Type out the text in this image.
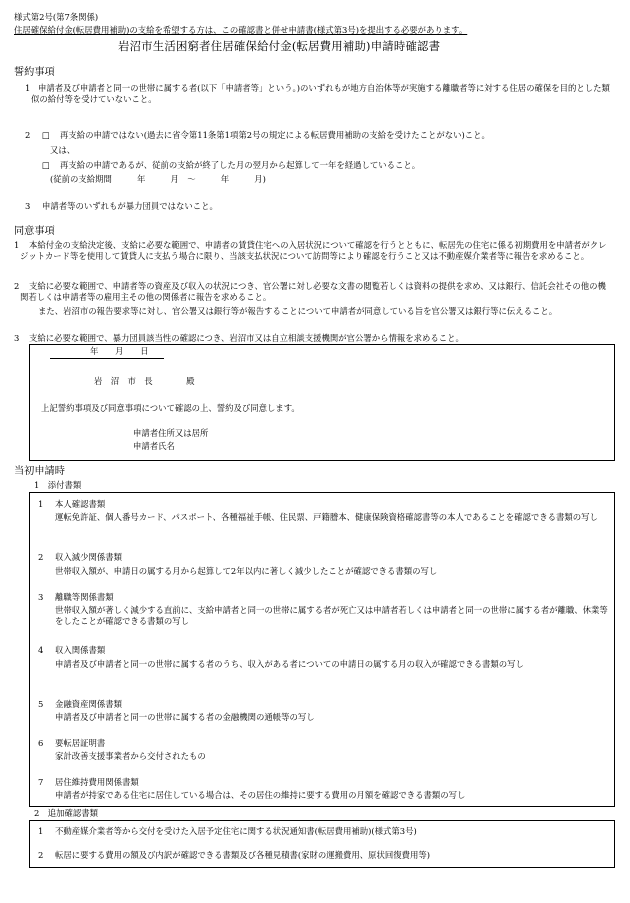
様式第2号(第7条関係)
住居確保給付金(転居費用補助)の支給を希望する方は、この確認書と併せ申請書(様式第3号)を提出する必要があります。
岩沼市生活困窮者住居確保給付金(転居費用補助)申請時確認書
誓約事項
1 申請者及び申請者と同一の世帯に属する者(以下「申請者等」という。)のいずれもが地方自治体等が実施する離職者等に対する住居の確保を目的とした類似の給付等を受けていないこと。
2 □ 再支給の申請ではない(過去に省令第11条第1項第2号の規定による転居費用補助の支給を受けたことがない)こと。
又は、
□ 再支給の申請であるが、従前の支給が終了した月の翌月から起算して一年を経過していること。
(従前の支給期間　　　年　　　月　～　　　年　　　月)
3 申請者等のいずれもが暴力団員ではないこと。
同意事項
1	本給付金の支給決定後、支給に必要な範囲で、申請者の賃貸住宅への入居状況について確認を行うとともに、転居先の住宅に係る初期費用を申請者がクレジットカード等を使用して賃貸人に支払う場合に限り、当該支払状況について訪問等により確認を行うこと又は不動産媒介業者等に報告を求めること。
2	支給に必要な範囲で、申請者等の資産及び収入の状況につき、官公署に対し必要な文書の閲覧若しくは資料の提供を求め、又は銀行、信託会社その他の機関若しくは申請者等の雇用主その他の関係者に報告を求めること。
また、岩沼市の報告要求等に対し、官公署又は銀行等が報告することについて申請者が同意している旨を官公署又は銀行等に伝えること。
3 支給に必要な範囲で、暴力団員該当性の確認につき、岩沼市又は自立相談支援機関が官公署から情報を求めること。
年　　月　　日
岩　沼　市　長　　　　殿
上記誓約事項及び同意事項について確認の上、誓約及び同意します。
申請者住所又は居所
申請者氏名
当初申請時
1　添付書類
1 本人確認書類
運転免許証、個人番号カード、パスポート、各種福祉手帳、住民票、戸籍謄本、健康保険資格確認書等の本人であることを確認できる書類の写し
2 収入減少関係書類
世帯収入額が、申請日の属する月から起算して2年以内に著しく減少したことが確認できる書類の写し
3 離職等関係書類
世帯収入額が著しく減少する直前に、支給申請者と同一の世帯に属する者が死亡又は申請者若しくは申請者と同一の世帯に属する者が離職、休業等をしたことが確認できる書類の写し
4 収入関係書類
申請者及び申請者と同一の世帯に属する者のうち、収入がある者についての申請日の属する月の収入が確認できる書類の写し
5 金融資産関係書類
申請者及び申請者と同一の世帯に属する者の金融機関の通帳等の写し
6 要転居証明書
家計改善支援事業者から交付されたもの
7 居住維持費用関係書類
申請者が持家である住宅に居住している場合は、その居住の維持に要する費用の月額を確認できる書類の写し
2　追加確認書類
1 不動産媒介業者等から交付を受けた入居予定住宅に関する状況通知書(転居費用補助)(様式第3号)
2 転居に要する費用の額及び内訳が確認できる書類及び各種見積書(家財の運搬費用、原状回復費用等)
